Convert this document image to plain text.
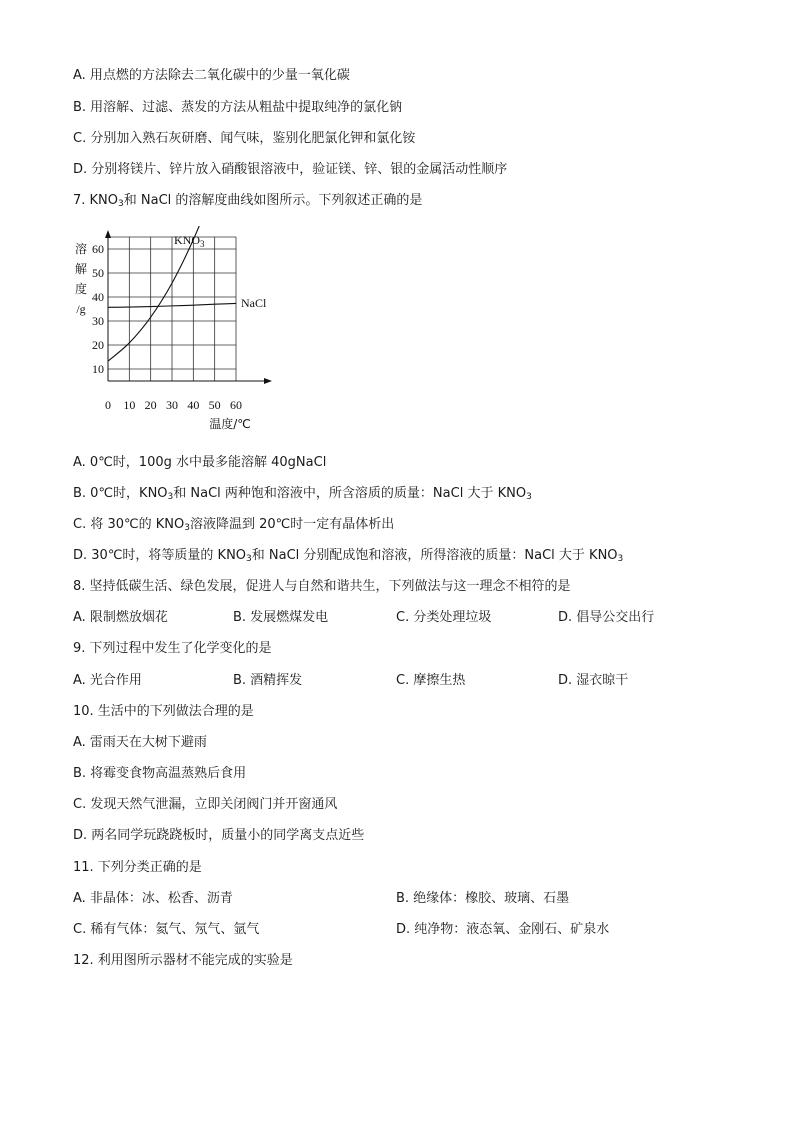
A. 用点燃的方法除去二氧化碳中的少量一氧化碳
B. 用溶解、过滤、蒸发的方法从粗盐中提取纯净的氯化钠
C. 分别加入熟石灰研磨、闻气味，鉴别化肥氯化钾和氯化铵
D. 分别将镁片、锌片放入硝酸银溶液中，验证镁、锌、银的金属活动性顺序
7. $KNO_3$和 NaCl 的溶解度曲线如图所示。下列叙述正确的是
10
20
30
40
50
60
0 10 20 30 40 50 60
溶
解
度
/g
温度/℃
$KNO_3$
NaCl
A. 0℃时，100g 水中最多能溶解 40gNaCl
B. 0℃时，$KNO_3$和 NaCl 两种饱和溶液中，所含溶质的质量：NaCl 大于 $KNO_3$
C. 将 30℃的 $KNO_3$溶液降温到 20℃时一定有晶体析出
D. 30℃时，将等质量的 $KNO_3$和 NaCl 分别配成饱和溶液，所得溶液的质量：NaCl 大于 $KNO_3$
8. 坚持低碳生活、绿色发展，促进人与自然和谐共生，下列做法与这一理念不相符的是
A. 限制燃放烟花	B. 发展燃煤发电	C. 分类处理垃圾	D. 倡导公交出行
9. 下列过程中发生了化学变化的是
A. 光合作用	B. 酒精挥发	C. 摩擦生热	D. 湿衣晾干
10. 生活中的下列做法合理的是
A. 雷雨天在大树下避雨
B. 将霉变食物高温蒸熟后食用
C. 发现天然气泄漏，立即关闭阀门并开窗通风
D. 两名同学玩跷跷板时，质量小的同学离支点近些
11. 下列分类正确的是
A. 非晶体：冰、松香、沥青	B. 绝缘体：橡胶、玻璃、石墨
C. 稀有气体：氦气、氖气、氩气	D. 纯净物：液态氧、金刚石、矿泉水
12. 利用图所示器材不能完成的实验是
